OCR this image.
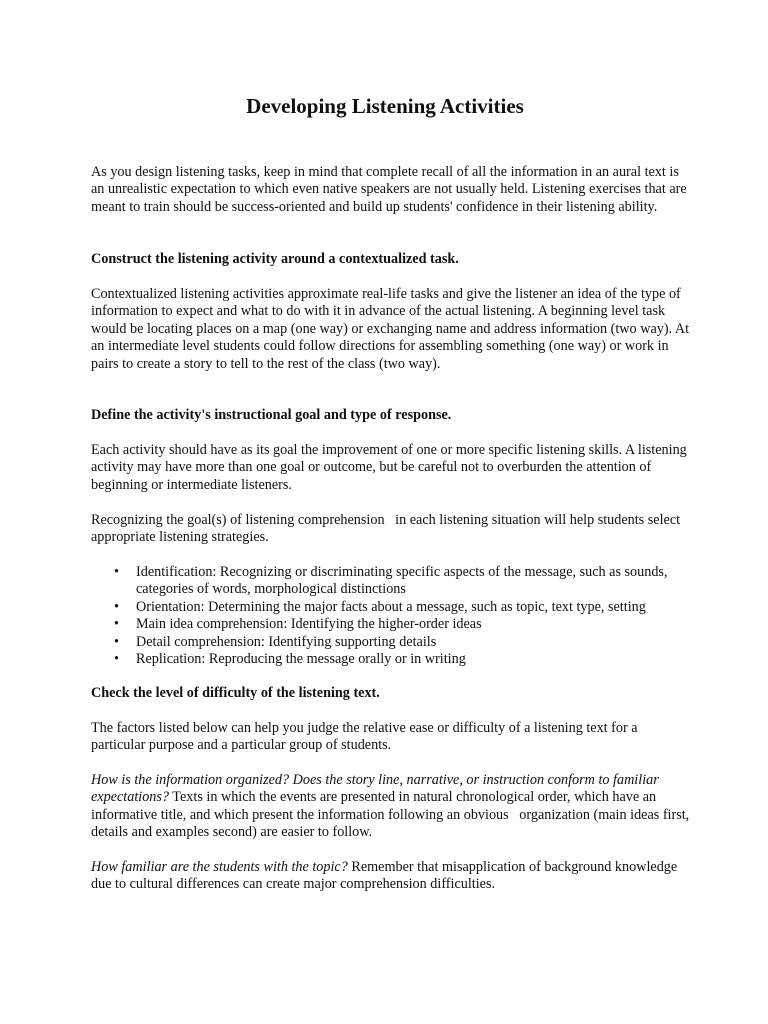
Developing Listening Activities

As you design listening tasks, keep in mind that complete recall of all the information in an aural text is an unrealistic expectation to which even native speakers are not usually held. Listening exercises that are meant to train should be success-oriented and build up students' confidence in their listening ability.

Construct the listening activity around a contextualized task.

Contextualized listening activities approximate real-life tasks and give the listener an idea of the type of information to expect and what to do with it in advance of the actual listening. A beginning level task would be locating places on a map (one way) or exchanging name and address information (two way). At an intermediate level students could follow directions for assembling something (one way) or work in pairs to create a story to tell to the rest of the class (two way).

Define the activity's instructional goal and type of response.

Each activity should have as its goal the improvement of one or more specific listening skills. A listening activity may have more than one goal or outcome, but be careful not to overburden the attention of beginning or intermediate listeners.

Recognizing the goal(s) of listening comprehension   in each listening situation will help students select appropriate listening strategies.

• Identification: Recognizing or discriminating specific aspects of the message, such as sounds, categories of words, morphological distinctions
• Orientation: Determining the major facts about a message, such as topic, text type, setting
• Main idea comprehension: Identifying the higher-order ideas
• Detail comprehension: Identifying supporting details
• Replication: Reproducing the message orally or in writing

Check the level of difficulty of the listening text.

The factors listed below can help you judge the relative ease or difficulty of a listening text for a particular purpose and a particular group of students.

How is the information organized? Does the story line, narrative, or instruction conform to familiar expectations? Texts in which the events are presented in natural chronological order, which have an informative title, and which present the information following an obvious   organization (main ideas first, details and examples second) are easier to follow.

How familiar are the students with the topic? Remember that misapplication of background knowledge due to cultural differences can create major comprehension difficulties.
